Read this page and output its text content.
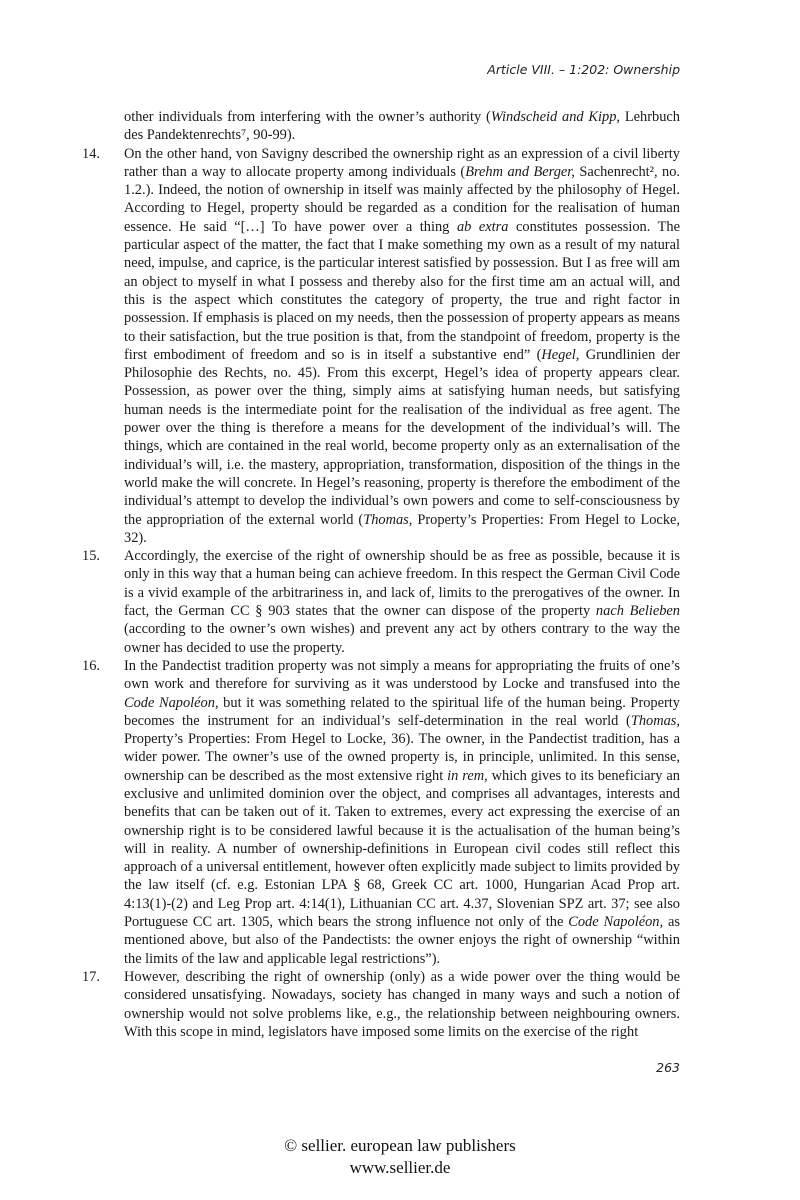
Article VIII. – 1:202: Ownership

other individuals from interfering with the owner’s authority (Windscheid and Kipp, Lehrbuch des Pandektenrechts⁷, 90-99).

14. On the other hand, von Savigny described the ownership right as an expression of a civil liberty rather than a way to allocate property among individuals (Brehm and Berger, Sachenrecht², no. 1.2.). Indeed, the notion of ownership in itself was mainly affected by the philosophy of Hegel. According to Hegel, property should be regarded as a condition for the realisation of human essence. He said “[…] To have power over a thing ab extra constitutes possession. The particular aspect of the matter, the fact that I make something my own as a result of my natural need, impulse, and caprice, is the particular interest satisfied by possession. But I as free will am an object to myself in what I possess and thereby also for the first time am an actual will, and this is the aspect which constitutes the category of property, the true and right factor in possession. If emphasis is placed on my needs, then the possession of property appears as means to their satisfaction, but the true position is that, from the standpoint of freedom, property is the first embodiment of freedom and so is in itself a substantive end” (Hegel, Grundlinien der Philosophie des Rechts, no. 45). From this excerpt, Hegel’s idea of property appears clear. Possession, as power over the thing, simply aims at satisfying human needs, but satisfying human needs is the intermediate point for the realisation of the individual as free agent. The power over the thing is therefore a means for the development of the individual’s will. The things, which are contained in the real world, become property only as an externalisation of the individual’s will, i.e. the mastery, appropriation, transformation, disposition of the things in the world make the will concrete. In Hegel’s reasoning, property is therefore the embodiment of the individual’s attempt to develop the individual’s own powers and come to self-consciousness by the appropriation of the external world (Thomas, Property’s Properties: From Hegel to Locke, 32).

15. Accordingly, the exercise of the right of ownership should be as free as possible, because it is only in this way that a human being can achieve freedom. In this respect the German Civil Code is a vivid example of the arbitrariness in, and lack of, limits to the prerogatives of the owner. In fact, the German CC § 903 states that the owner can dispose of the property nach Belieben (according to the owner’s own wishes) and prevent any act by others contrary to the way the owner has decided to use the property.

16. In the Pandectist tradition property was not simply a means for appropriating the fruits of one’s own work and therefore for surviving as it was understood by Locke and transfused into the Code Napoléon, but it was something related to the spiritual life of the human being. Property becomes the instrument for an individual’s self-determination in the real world (Thomas, Property’s Properties: From Hegel to Locke, 36). The owner, in the Pandectist tradition, has a wider power. The owner’s use of the owned property is, in principle, unlimited. In this sense, ownership can be described as the most extensive right in rem, which gives to its beneficiary an exclusive and unlimited dominion over the object, and comprises all advantages, interests and benefits that can be taken out of it. Taken to extremes, every act expressing the exercise of an ownership right is to be considered lawful because it is the actualisation of the human being’s will in reality. A number of ownership-definitions in European civil codes still reflect this approach of a universal entitlement, however often explicitly made subject to limits provided by the law itself (cf. e.g. Estonian LPA § 68, Greek CC art. 1000, Hungarian Acad Prop art. 4:13(1)-(2) and Leg Prop art. 4:14(1), Lithuanian CC art. 4.37, Slovenian SPZ art. 37; see also Portuguese CC art. 1305, which bears the strong influence not only of the Code Napoléon, as mentioned above, but also of the Pandectists: the owner enjoys the right of ownership “within the limits of the law and applicable legal restrictions”).

17. However, describing the right of ownership (only) as a wide power over the thing would be considered unsatisfying. Nowadays, society has changed in many ways and such a notion of ownership would not solve problems like, e.g., the relationship between neighbouring owners. With this scope in mind, legislators have imposed some limits on the exercise of the right

263
© sellier. european law publishers
www.sellier.de
